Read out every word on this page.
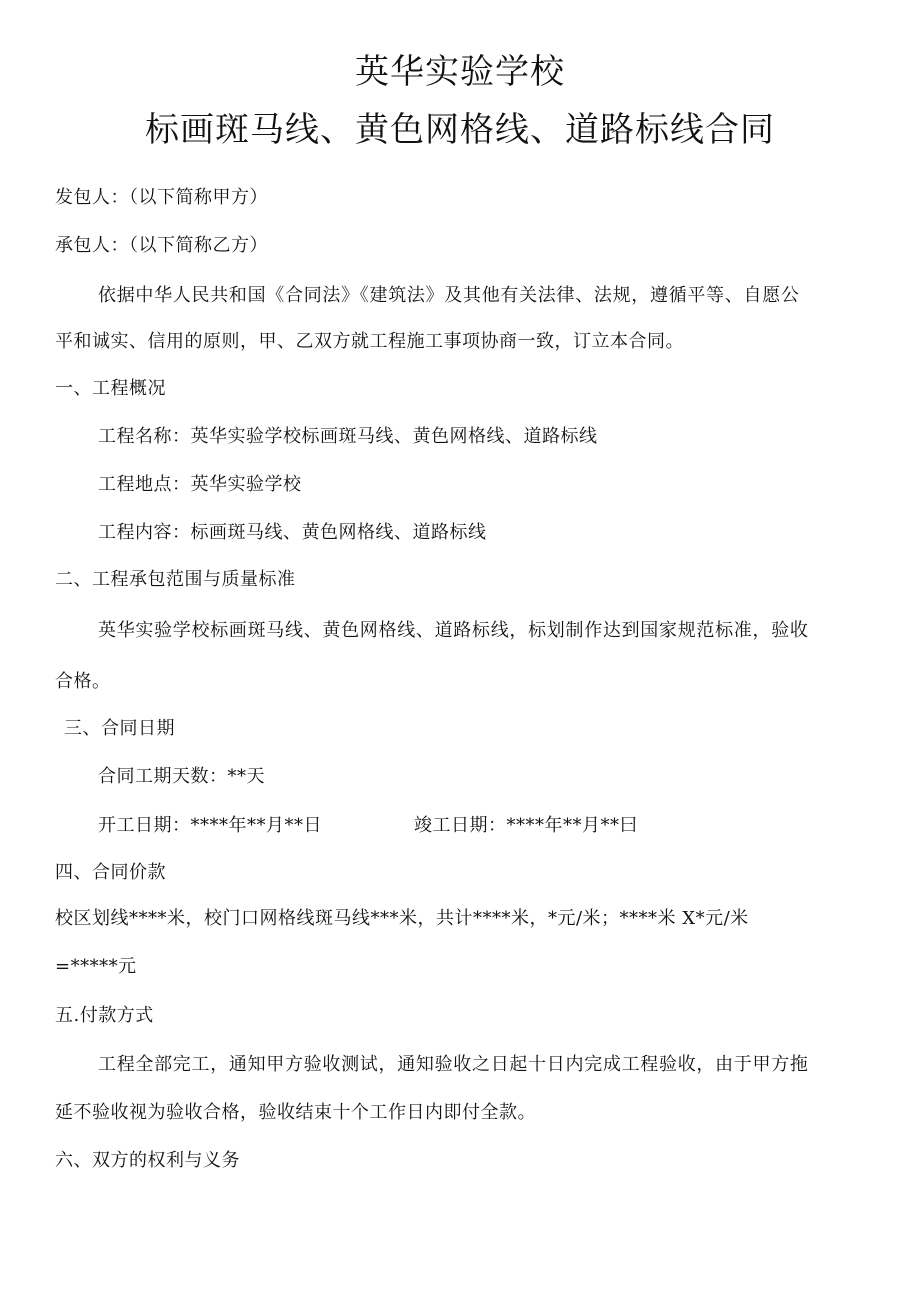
英华实验学校
标画斑马线、黄色网格线、道路标线合同
发包人：（以下简称甲方）
承包人：（以下简称乙方）
依据中华人民共和国《合同法》《建筑法》及其他有关法律、法规，遵循平等、自愿公
平和诚实、信用的原则，甲、乙双方就工程施工事项协商一致，订立本合同。
一、工程概况
工程名称：英华实验学校标画斑马线、黄色网格线、道路标线
工程地点：英华实验学校
工程内容：标画斑马线、黄色网格线、道路标线
二、工程承包范围与质量标准
英华实验学校标画斑马线、黄色网格线、道路标线，标划制作达到国家规范标准，验收
合格。
三、合同日期
合同工期天数：**天
开工日期：****年**月**日	竣工日期：****年**月**曰
四、合同价款
校区划线****米，校门口网格线斑马线***米，共计****米，*元/米；****米 X*元/米
=*****元
五.付款方式
工程全部完工，通知甲方验收测试，通知验收之日起十日内完成工程验收，由于甲方拖
延不验收视为验收合格，验收结束十个工作日内即付全款。
六、双方的权利与义务
